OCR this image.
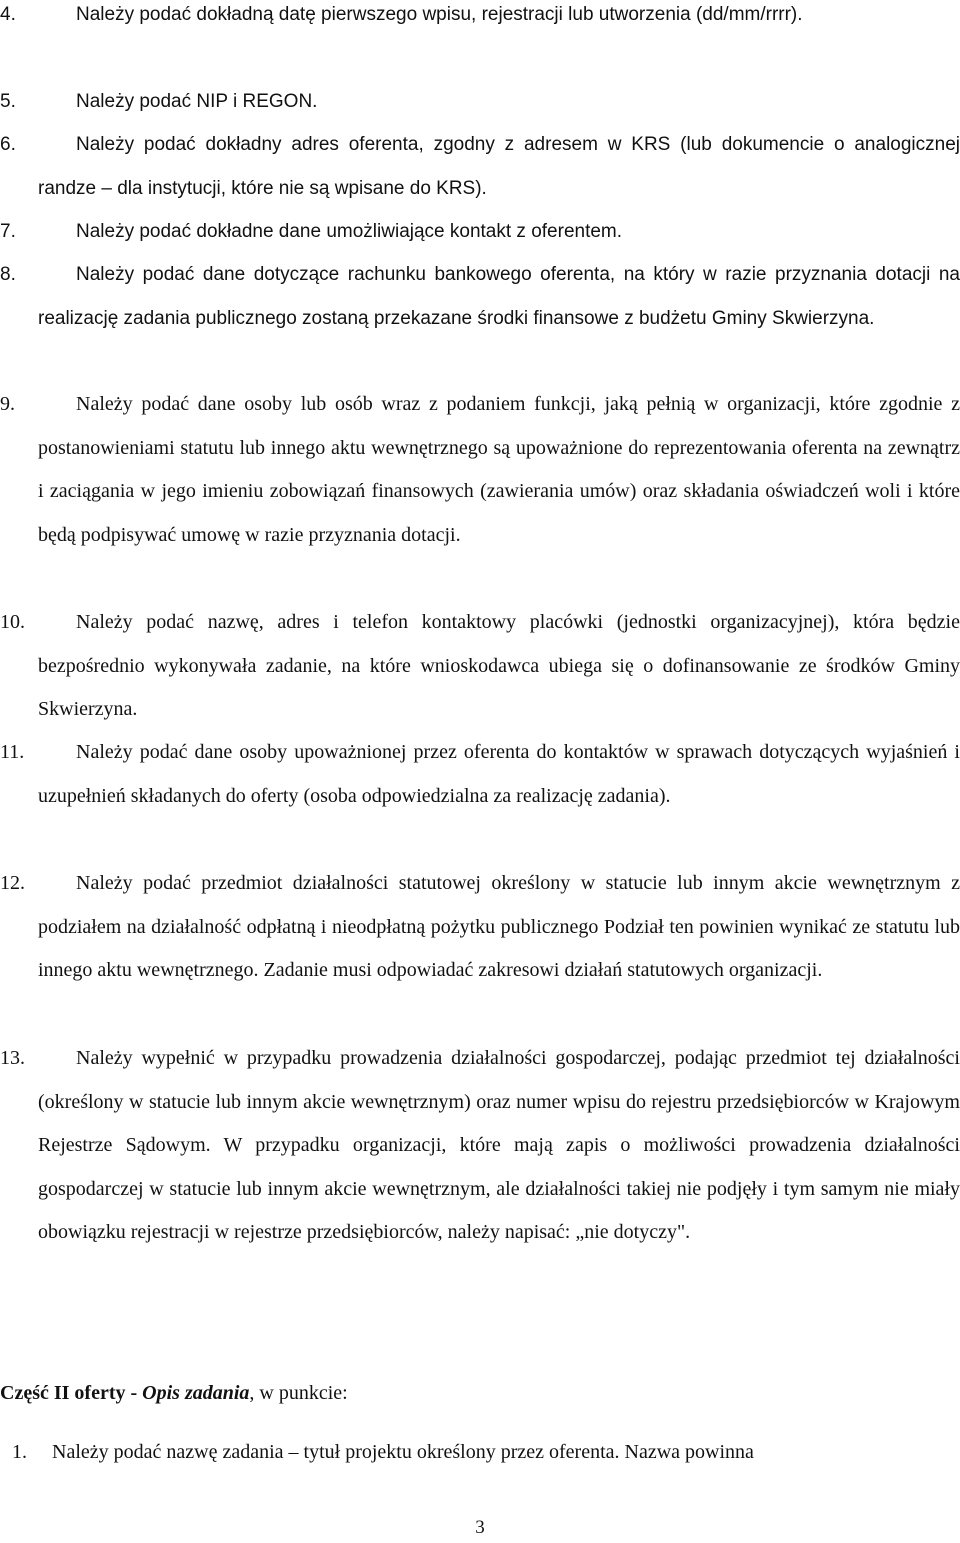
4.	Należy podać dokładną datę pierwszego wpisu, rejestracji lub utworzenia (dd/mm/rrrr).
5.	Należy podać NIP i REGON.
6.	Należy podać dokładny adres oferenta, zgodny z adresem w KRS (lub dokumencie o analogicznej randze – dla instytucji, które nie są wpisane do KRS).
7.	Należy podać dokładne dane umożliwiające kontakt z oferentem.
8.	Należy podać dane dotyczące rachunku bankowego oferenta, na który w razie przyznania dotacji na realizację zadania publicznego zostaną przekazane środki finansowe z budżetu Gminy Skwierzyna.
9.	Należy podać dane osoby lub osób wraz z podaniem funkcji, jaką pełnią w organizacji, które zgodnie z postanowieniami statutu lub innego aktu wewnętrznego są upoważnione do reprezentowania oferenta na zewnątrz i zaciągania w jego imieniu zobowiązań finansowych (zawierania umów) oraz składania oświadczeń woli i które będą podpisywać umowę w razie przyznania dotacji.
10.	Należy podać nazwę, adres i telefon kontaktowy placówki (jednostki organizacyjnej), która będzie bezpośrednio wykonywała zadanie, na które wnioskodawca ubiega się o dofinansowanie ze środków Gminy Skwierzyna.
11.	Należy podać dane osoby upoważnionej przez oferenta do kontaktów w sprawach dotyczących wyjaśnień i uzupełnień składanych do oferty (osoba odpowiedzialna za realizację zadania).
12.	Należy podać przedmiot działalności statutowej określony w statucie lub innym akcie wewnętrznym z podziałem na działalność odpłatną i nieodpłatną pożytku publicznego Podział ten powinien wynikać ze statutu lub innego aktu wewnętrznego. Zadanie musi odpowiadać zakresowi działań statutowych organizacji.
13.	Należy wypełnić w przypadku prowadzenia działalności gospodarczej, podając przedmiot tej działalności (określony w statucie lub innym akcie wewnętrznym) oraz numer wpisu do rejestru przedsiębiorców w Krajowym Rejestrze Sądowym. W przypadku organizacji, które mają zapis o możliwości prowadzenia działalności gospodarczej w statucie lub innym akcie wewnętrznym, ale działalności takiej nie podjęły i tym samym nie miały obowiązku rejestracji w rejestrze przedsiębiorców, należy napisać: „nie dotyczy".
Część II oferty - Opis zadania, w punkcie:
1.	Należy podać nazwę zadania – tytuł projektu określony przez oferenta. Nazwa powinna
3
